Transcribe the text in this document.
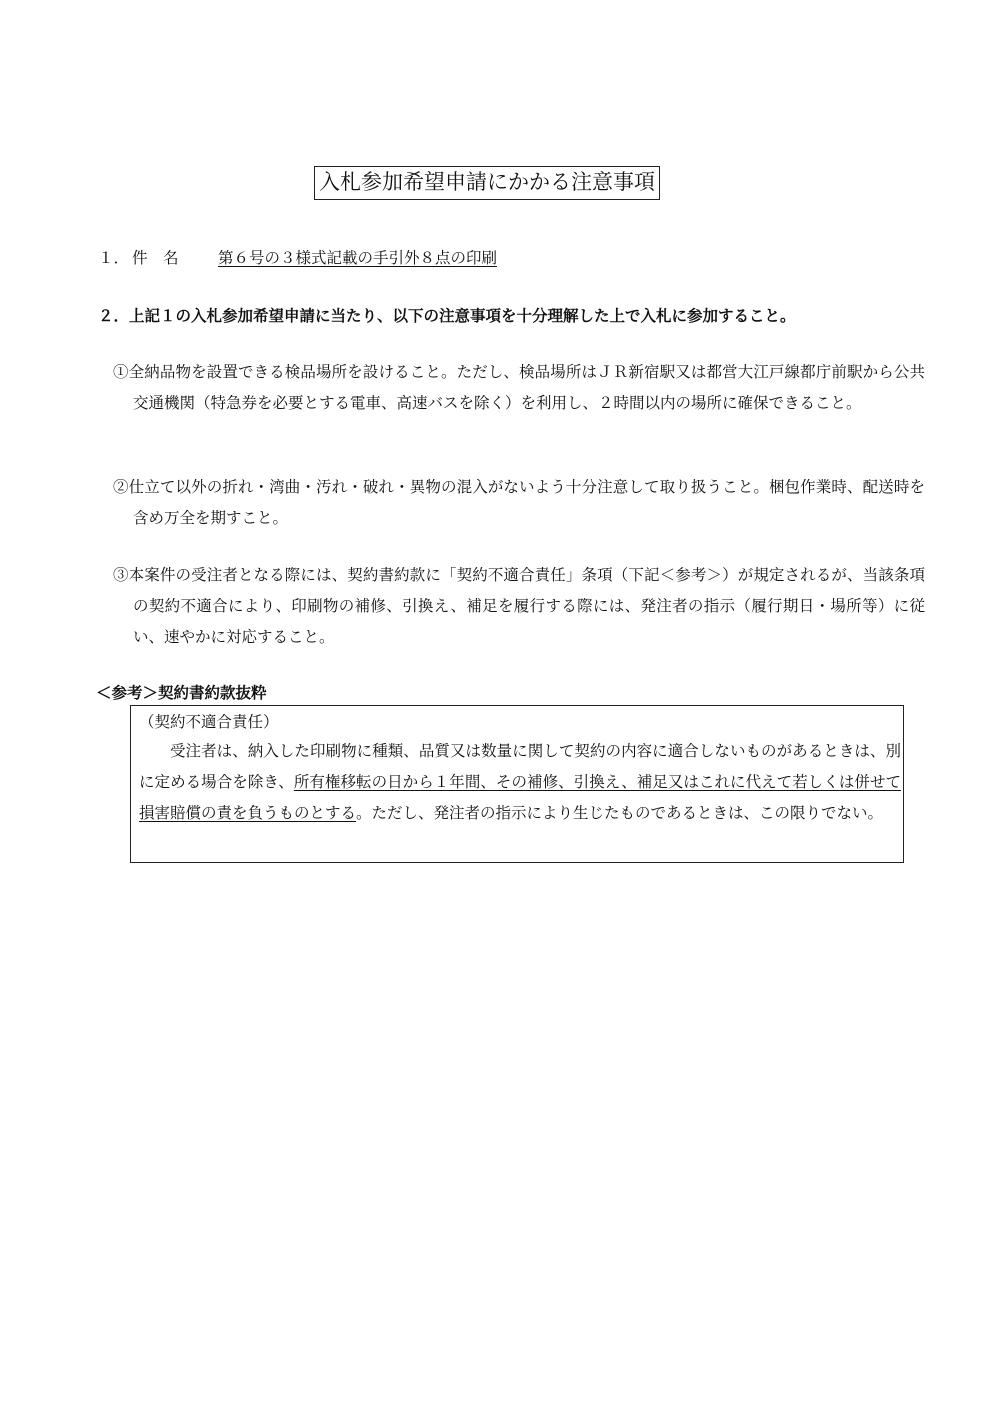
入札参加希望申請にかかる注意事項
１． 件　名	第６号の３様式記載の手引外８点の印刷
２．上記１の入札参加希望申請に当たり、以下の注意事項を十分理解した上で入札に参加すること。
①全納品物を設置できる検品場所を設けること。ただし、検品場所はＪＲ新宿駅又は都営大江戸線都庁前駅から公共交通機関（特急券を必要とする電車、高速バスを除く）を利用し、２時間以内の場所に確保できること。
②仕立て以外の折れ・湾曲・汚れ・破れ・異物の混入がないよう十分注意して取り扱うこと。梱包作業時、配送時を含め万全を期すこと。
③本案件の受注者となる際には、契約書約款に「契約不適合責任」条項（下記＜参考＞）が規定されるが、当該条項の契約不適合により、印刷物の補修、引換え、補足を履行する際には、発注者の指示（履行期日・場所等）に従い、速やかに対応すること。
＜参考＞契約書約款抜粋
（契約不適合責任）
受注者は、納入した印刷物に種類、品質又は数量に関して契約の内容に適合しないものがあるときは、別に定める場合を除き、所有権移転の日から１年間、その補修、引換え、補足又はこれに代えて若しくは併せて損害賠償の責を負うものとする。ただし、発注者の指示により生じたものであるときは、この限りでない。
